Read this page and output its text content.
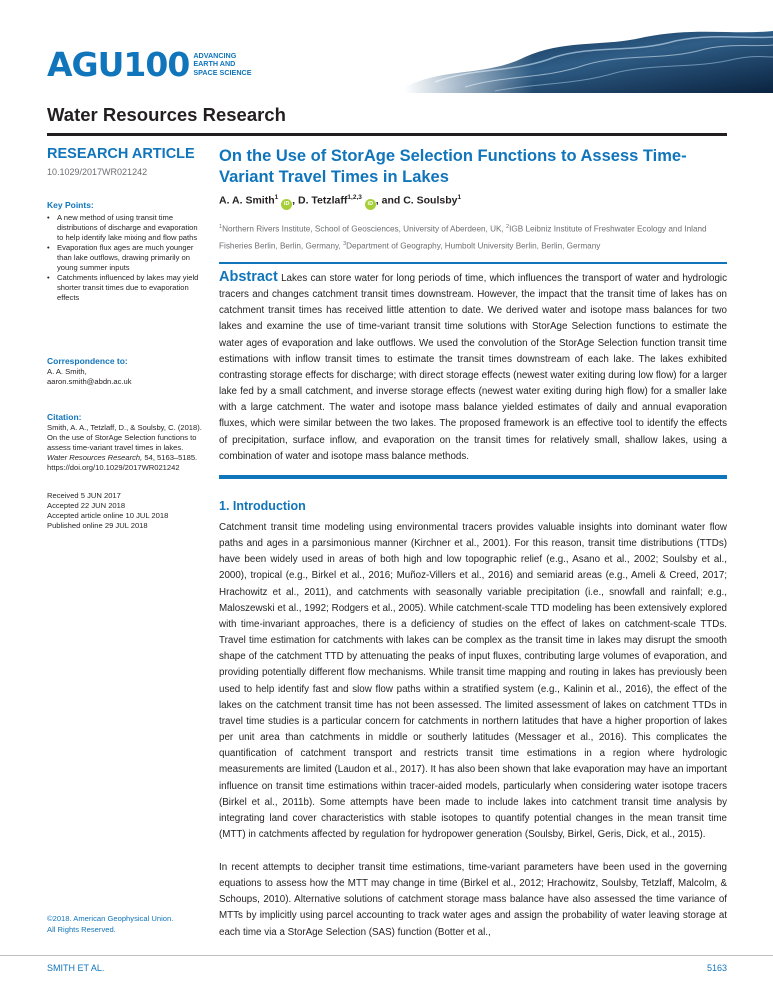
AGU100 ADVANCING
EARTH AND
SPACE SCIENCE
Water Resources Research
RESEARCH ARTICLE
10.1029/2017WR021242
Key Points:
• A new method of using transit time distributions of discharge and evaporation to help identify lake mixing and flow paths
• Evaporation flux ages are much younger than lake outflows, drawing primarily on young summer inputs
• Catchments influenced by lakes may yield shorter transit times due to evaporation effects
Correspondence to:
A. A. Smith,
aaron.smith@abdn.ac.uk
Citation:
Smith, A. A., Tetzlaff, D., & Soulsby, C. (2018). On the use of StorAge Selection functions to assess time-variant travel times in lakes. Water Resources Research, 54, 5163–5185. https://doi.org/10.1029/2017WR021242
Received 5 JUN 2017
Accepted 22 JUN 2018
Accepted article online 10 JUL 2018
Published online 29 JUL 2018
On the Use of StorAge Selection Functions to Assess Time-Variant Travel Times in Lakes
A. A. Smith$^1$ iD , D. Tetzlaff$^{1,2,3}$ iD , and C. Soulsby$^1$
$^1$Northern Rivers Institute, School of Geosciences, University of Aberdeen, UK, $^2$IGB Leibniz Institute of Freshwater Ecology and Inland Fisheries Berlin, Berlin, Germany, $^3$Department of Geography, Humbolt University Berlin, Berlin, Germany
Abstract Lakes can store water for long periods of time, which influences the transport of water and hydrologic tracers and changes catchment transit times downstream. However, the impact that the transit time of lakes has on catchment transit times has received little attention to date. We derived water and isotope mass balances for two lakes and examine the use of time-variant transit time solutions with StorAge Selection functions to estimate the water ages of evaporation and lake outflows. We used the convolution of the StorAge Selection function transit time estimations with inflow transit times to estimate the transit times downstream of each lake. The lakes exhibited contrasting storage effects for discharge; with direct storage effects (newest water exiting during low flow) for a larger lake fed by a small catchment, and inverse storage effects (newest water exiting during high flow) for a smaller lake with a large catchment. The water and isotope mass balance yielded estimates of daily and annual evaporation fluxes, which were similar between the two lakes. The proposed framework is an effective tool to identify the effects of precipitation, surface inflow, and evaporation on the transit times for relatively small, shallow lakes, using a combination of water and isotope mass balance methods.
1. Introduction
Catchment transit time modeling using environmental tracers provides valuable insights into dominant water flow paths and ages in a parsimonious manner (Kirchner et al., 2001). For this reason, transit time distributions (TTDs) have been widely used in areas of both high and low topographic relief (e.g., Asano et al., 2002; Soulsby et al., 2000), tropical (e.g., Birkel et al., 2016; Muñoz-Villers et al., 2016) and semiarid areas (e.g., Ameli & Creed, 2017; Hrachowitz et al., 2011), and catchments with seasonally variable precipitation (i.e., snowfall and rainfall; e.g., Maloszewski et al., 1992; Rodgers et al., 2005). While catchment-scale TTD modeling has been extensively explored with time-invariant approaches, there is a deficiency of studies on the effect of lakes on catchment-scale TTDs. Travel time estimation for catchments with lakes can be complex as the transit time in lakes may disrupt the smooth shape of the catchment TTD by attenuating the peaks of input fluxes, contributing large volumes of evaporation, and providing potentially different flow mechanisms. While transit time mapping and routing in lakes has previously been used to help identify fast and slow flow paths within a stratified system (e.g., Kalinin et al., 2016), the effect of the lakes on the catchment transit time has not been assessed. The limited assessment of lakes on catchment TTDs in travel time studies is a particular concern for catchments in northern latitudes that have a higher proportion of lakes per unit area than catchments in middle or southerly latitudes (Messager et al., 2016). This complicates the quantification of catchment transport and restricts transit time estimations in a region where hydrologic measurements are limited (Laudon et al., 2017). It has also been shown that lake evaporation may have an important influence on transit time estimations within tracer-aided models, particularly when considering water isotope tracers (Birkel et al., 2011b). Some attempts have been made to include lakes into catchment transit time analysis by integrating land cover characteristics with stable isotopes to quantify potential changes in the mean transit time (MTT) in catchments affected by regulation for hydropower generation (Soulsby, Birkel, Geris, Dick, et al., 2015).
In recent attempts to decipher transit time estimations, time-variant parameters have been used in the governing equations to assess how the MTT may change in time (Birkel et al., 2012; Hrachowitz, Soulsby, Tetzlaff, Malcolm, & Schoups, 2010). Alternative solutions of catchment storage mass balance have also assessed the time variance of MTTs by implicitly using parcel accounting to track water ages and assign the probability of water leaving storage at each time via a StorAge Selection (SAS) function (Botter et al.,
©2018. American Geophysical Union.
All Rights Reserved.
SMITH ET AL.	5163
